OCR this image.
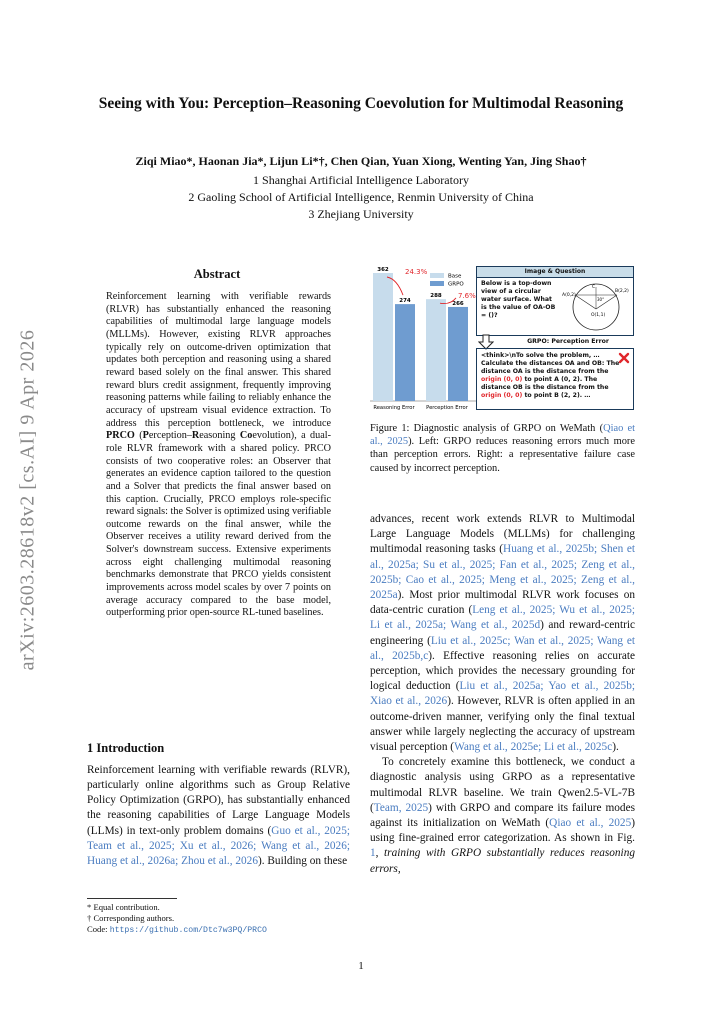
arXiv:2603.28618v2 [cs.AI] 9 Apr 2026
Seeing with You: Perception–Reasoning Coevolution for Multimodal Reasoning
Ziqi Miao*, Haonan Jia*, Lijun Li*†, Chen Qian, Yuan Xiong, Wenting Yan, Jing Shao†
1 Shanghai Artificial Intelligence Laboratory
2 Gaoling School of Artificial Intelligence, Renmin University of China
3 Zhejiang University
Abstract
Reinforcement learning with verifiable rewards (RLVR) has substantially enhanced the reasoning capabilities of multimodal large language models (MLLMs). However, existing RLVR approaches typically rely on outcome-driven optimization that updates both perception and reasoning using a shared reward based solely on the final answer. This shared reward blurs credit assignment, frequently improving reasoning patterns while failing to reliably enhance the accuracy of upstream visual evidence extraction. To address this perception bottleneck, we introduce PRCO (Perception–Reasoning Coevolution), a dual-role RLVR framework with a shared policy. PRCO consists of two cooperative roles: an Observer that generates an evidence caption tailored to the question and a Solver that predicts the final answer based on this caption. Crucially, PRCO employs role-specific reward signals: the Solver is optimized using verifiable outcome rewards on the final answer, while the Observer receives a utility reward derived from the Solver's downstream success. Extensive experiments across eight challenging multimodal reasoning benchmarks demonstrate that PRCO yields consistent improvements across model scales by over 7 points on average accuracy compared to the base model, outperforming prior open-source RL-tuned baselines.
1 Introduction
Reinforcement learning with verifiable rewards (RLVR), particularly online algorithms such as Group Relative Policy Optimization (GRPO), has substantially enhanced the reasoning capabilities of Large Language Models (LLMs) in text-only problem domains (Guo et al., 2025; Team et al., 2025; Xu et al., 2026; Wang et al., 2026; Huang et al., 2026a; Zhou et al., 2026). Building on these
* Equal contribution.
† Corresponding authors.
Code: https://github.com/Dtc7w3PQ/PRCO
362
274
Reasoning Error
24.3%
288
266
Perception Error
7.6%
Base
GRPO
Image & Question
Below is a top-down view of a circular water surface. What is the value of OA-OB = ()?
A(0,2)
B(2,2)
C
30°
O(1,1)
GRPO: Perception Error
<think>\nTo solve the problem, … Calculate the distances OA and OB: The distance OA is the distance from the origin (0, 0) to point A (0, 2). The distance OB is the distance from the origin (0, 0) to point B (2, 2). …
Figure 1: Diagnostic analysis of GRPO on WeMath (Qiao et al., 2025). Left: GRPO reduces reasoning errors much more than perception errors. Right: a representative failure case caused by incorrect perception.

advances, recent work extends RLVR to Multimodal Large Language Models (MLLMs) for challenging multimodal reasoning tasks (Huang et al., 2025b; Shen et al., 2025a; Su et al., 2025; Fan et al., 2025; Zeng et al., 2025b; Cao et al., 2025; Meng et al., 2025; Zeng et al., 2025a). Most prior multimodal RLVR work focuses on data-centric curation (Leng et al., 2025; Wu et al., 2025; Li et al., 2025a; Wang et al., 2025d) and reward-centric engineering (Liu et al., 2025c; Wan et al., 2025; Wang et al., 2025b,c). Effective reasoning relies on accurate perception, which provides the necessary grounding for logical deduction (Liu et al., 2025a; Yao et al., 2025b; Xiao et al., 2026). However, RLVR is often applied in an outcome-driven manner, verifying only the final textual answer while largely neglecting the accuracy of upstream visual perception (Wang et al., 2025e; Li et al., 2025c).

To concretely examine this bottleneck, we conduct a diagnostic analysis using GRPO as a representative multimodal RLVR baseline. We train Qwen2.5-VL-7B (Team, 2025) with GRPO and compare its failure modes against its initialization on WeMath (Qiao et al., 2025) using fine-grained error categorization. As shown in Fig. 1, training with GRPO substantially reduces reasoning errors,

1
